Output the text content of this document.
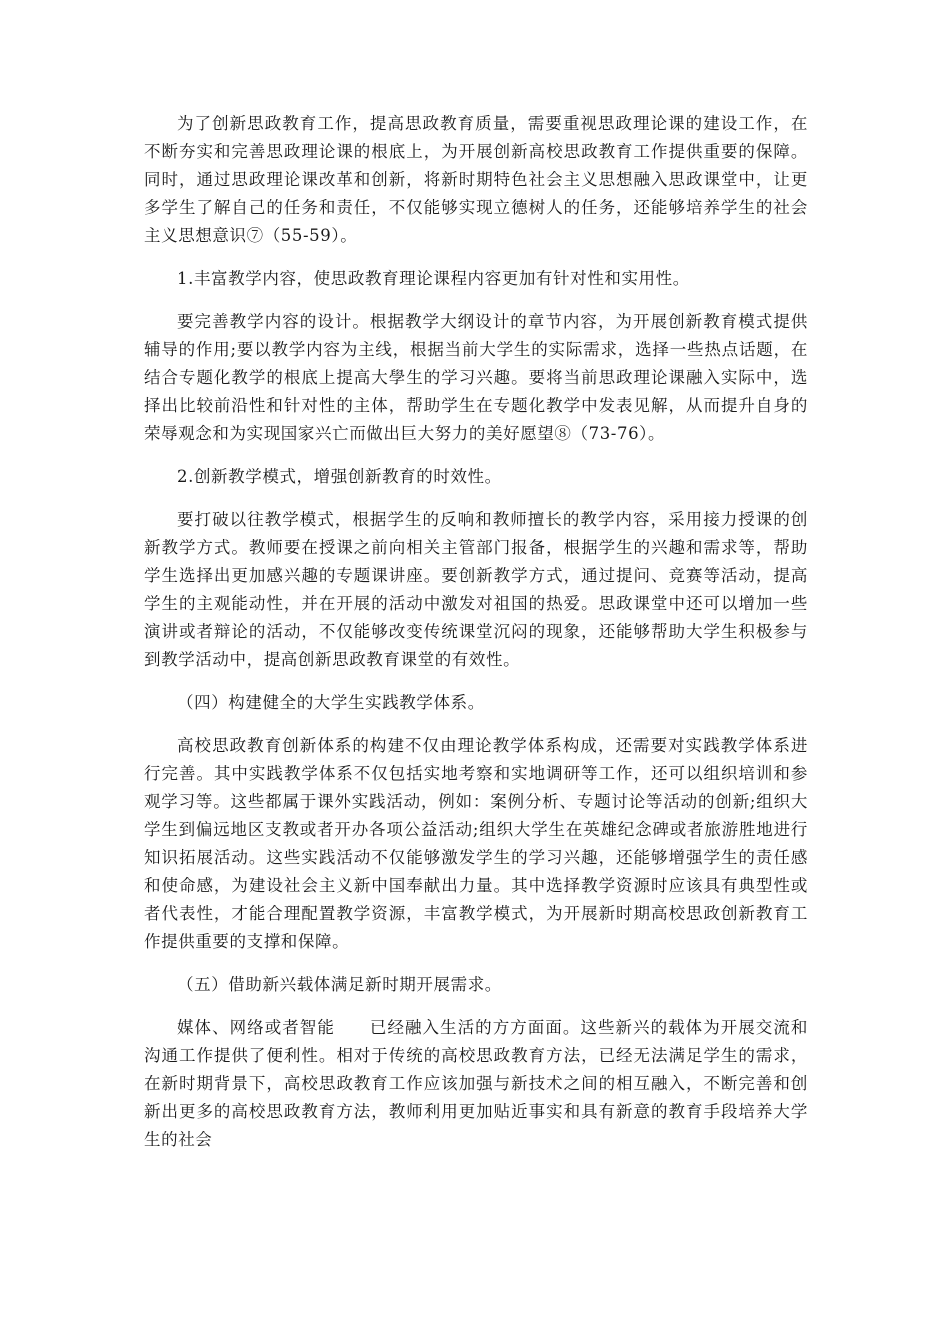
为了创新思政教育工作，提高思政教育质量，需要重视思政理论课的建设工作，在不断夯实和完善思政理论课的根底上，为开展创新高校思政教育工作提供重要的保障。同时，通过思政理论课改革和创新，将新时期特色社会主义思想融入思政课堂中，让更多学生了解自己的任务和责任，不仅能够实现立德树人的任务，还能够培养学生的社会主义思想意识⑦（55-59）。

1.丰富教学内容，使思政教育理论课程内容更加有针对性和实用性。

要完善教学内容的设计。根据教学大纲设计的章节内容，为开展创新教育模式提供辅导的作用;要以教学内容为主线，根据当前大学生的实际需求，选择一些热点话题，在结合专题化教学的根底上提高大學生的学习兴趣。要将当前思政理论课融入实际中，选择出比较前沿性和针对性的主体，帮助学生在专题化教学中发表见解，从而提升自身的荣辱观念和为实现国家兴亡而做出巨大努力的美好愿望⑧（73-76）。

2.创新教学模式，增强创新教育的时效性。

要打破以往教学模式，根据学生的反响和教师擅长的教学内容，采用接力授课的创新教学方式。教师要在授课之前向相关主管部门报备，根据学生的兴趣和需求等，帮助学生选择出更加感兴趣的专题课讲座。要创新教学方式，通过提问、竞赛等活动，提高学生的主观能动性，并在开展的活动中激发对祖国的热爱。思政课堂中还可以增加一些演讲或者辩论的活动，不仅能够改变传统课堂沉闷的现象，还能够帮助大学生积极参与到教学活动中，提高创新思政教育课堂的有效性。

（四）构建健全的大学生实践教学体系。

高校思政教育创新体系的构建不仅由理论教学体系构成，还需要对实践教学体系进行完善。其中实践教学体系不仅包括实地考察和实地调研等工作，还可以组织培训和参观学习等。这些都属于课外实践活动，例如：案例分析、专题讨论等活动的创新;组织大学生到偏远地区支教或者开办各项公益活动;组织大学生在英雄纪念碑或者旅游胜地进行知识拓展活动。这些实践活动不仅能够激发学生的学习兴趣，还能够增强学生的责任感和使命感，为建设社会主义新中国奉献出力量。其中选择教学资源时应该具有典型性或者代表性，才能合理配置教学资源，丰富教学模式，为开展新时期高校思政创新教育工作提供重要的支撑和保障。

（五）借助新兴载体满足新时期开展需求。

媒体、网络或者智能　　已经融入生活的方方面面。这些新兴的载体为开展交流和沟通工作提供了便利性。相对于传统的高校思政教育方法，已经无法满足学生的需求，在新时期背景下，高校思政教育工作应该加强与新技术之间的相互融入，不断完善和创新出更多的高校思政教育方法，教师利用更加贴近事实和具有新意的教育手段培养大学生的社会
